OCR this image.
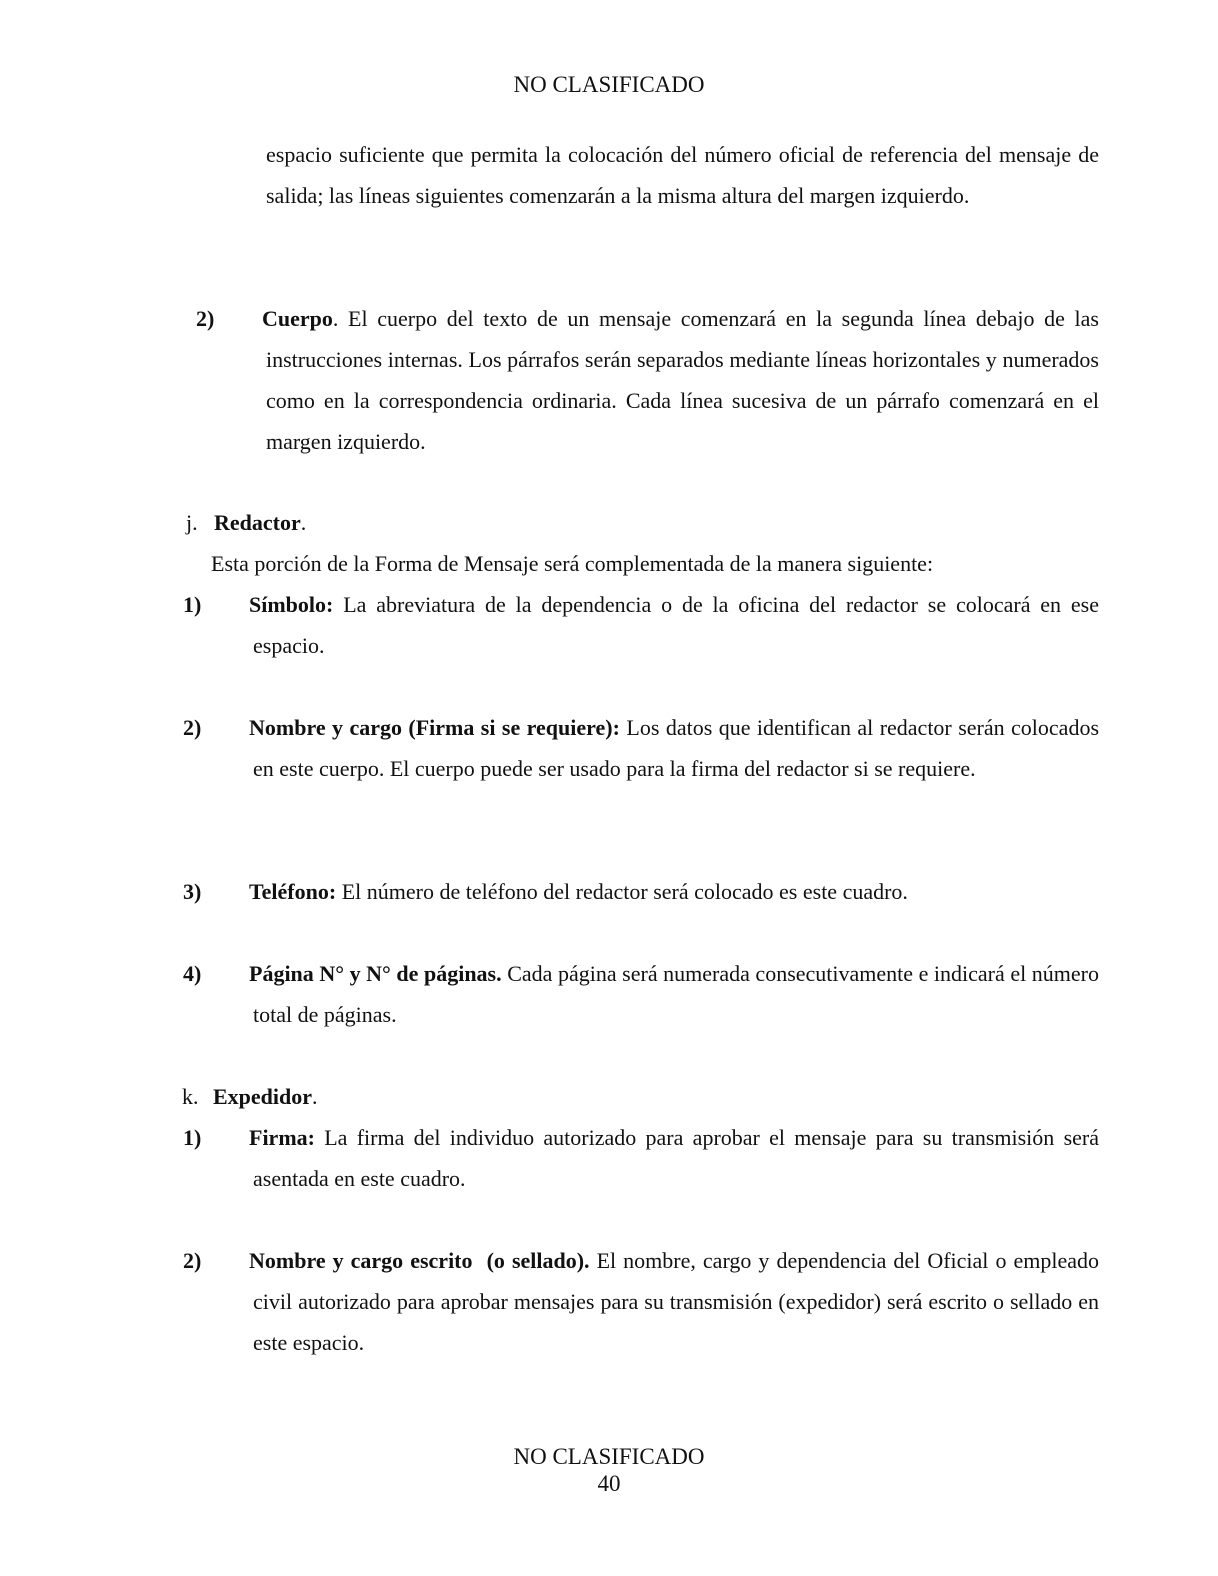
NO CLASIFICADO

espacio suficiente que permita la colocación del número oficial de referencia del mensaje de salida; las líneas siguientes comenzarán a la misma altura del margen izquierdo.

2) Cuerpo. El cuerpo del texto de un mensaje comenzará en la segunda línea debajo de las instrucciones internas. Los párrafos serán separados mediante líneas horizontales y numerados como en la correspondencia ordinaria. Cada línea sucesiva de un párrafo comenzará en el margen izquierdo.

j. Redactor.

Esta porción de la Forma de Mensaje será complementada de la manera siguiente:

1) Símbolo: La abreviatura de la dependencia o de la oficina del redactor se colocará en ese espacio.

2) Nombre y cargo (Firma si se requiere): Los datos que identifican al redactor serán colocados en este cuerpo. El cuerpo puede ser usado para la firma del redactor si se requiere.

3) Teléfono: El número de teléfono del redactor será colocado es este cuadro.

4) Página N° y N° de páginas. Cada página será numerada consecutivamente e indicará el número total de páginas.

k. Expedidor.

1) Firma: La firma del individuo autorizado para aprobar el mensaje para su transmisión será asentada en este cuadro.

2) Nombre y cargo escrito  (o sellado). El nombre, cargo y dependencia del Oficial o empleado civil autorizado para aprobar mensajes para su transmisión (expedidor) será escrito o sellado en este espacio.

NO CLASIFICADO
40
